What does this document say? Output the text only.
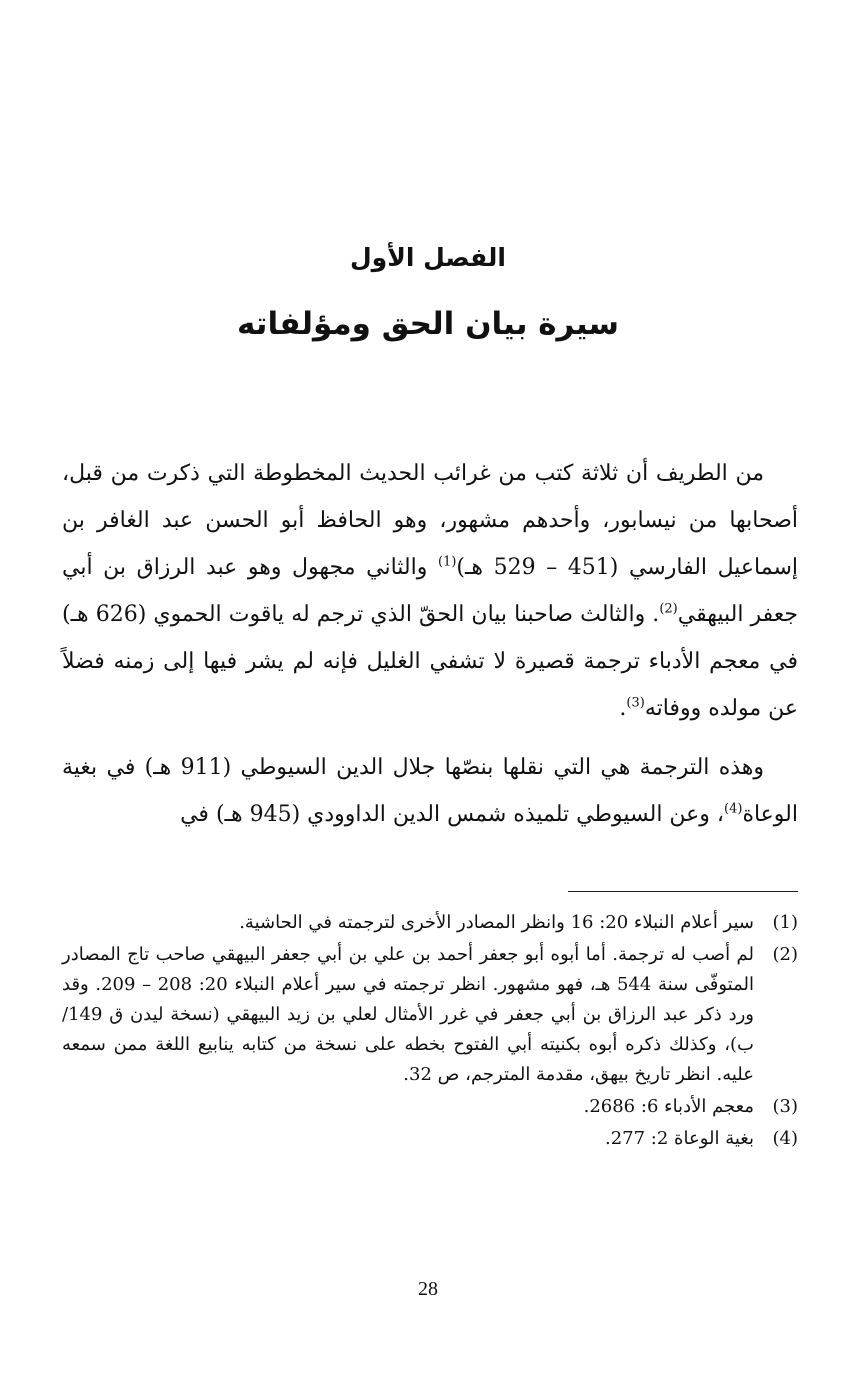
الفصل الأول
سيرة بيان الحق ومؤلفاته

من الطريف أن ثلاثة كتب من غرائب الحديث المخطوطة التي ذكرت من قبل، أصحابها من نيسابور، وأحدهم مشهور، وهو الحافظ أبو الحسن عبد الغافر بن إسماعيل الفارسي (451 – 529 هـ)$^{(1)}$ والثاني مجهول وهو عبد الرزاق بن أبي جعفر البيهقي$^{(2)}$. والثالث صاحبنا بيان الحقّ الذي ترجم له ياقوت الحموي (626 هـ) في معجم الأدباء ترجمة قصيرة لا تشفي الغليل فإنه لم يشر فيها إلى زمنه فضلاً عن مولده ووفاته$^{(3)}$.

وهذه الترجمة هي التي نقلها بنصّها جلال الدين السيوطي (911 هـ) في بغية الوعاة$^{(4)}$، وعن السيوطي تلميذه شمس الدين الداوودي (945 هـ) في

(1)
سير أعلام النبلاء 20: 16 وانظر المصادر الأخرى لترجمته في الحاشية.
(2)
لم أصب له ترجمة. أما أبوه أبو جعفر أحمد بن علي بن أبي جعفر البيهقي صاحب تاج المصادر المتوفّى سنة 544 هـ، فهو مشهور. انظر ترجمته في سير أعلام النبلاء 20: 208 – 209. وقد ورد ذكر عبد الرزاق بن أبي جعفر في غرر الأمثال لعلي بن زيد البيهقي (نسخة ليدن ق 149/ب)، وكذلك ذكره أبوه بكنيته أبي الفتوح بخطه على نسخة من كتابه ينابيع اللغة ممن سمعه عليه. انظر تاريخ بيهق، مقدمة المترجم، ص 32.
(3)
معجم الأدباء 6: 2686.
(4)
بغية الوعاة 2: 277.
28
